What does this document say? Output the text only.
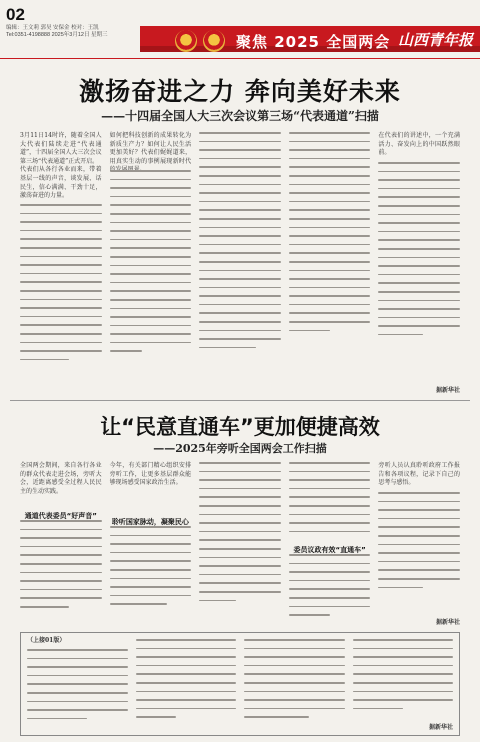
02
编辑：王文莉 郭昊 安保金 校对：王凯
Tel:0351-4198888 2025年3月12日 星期三	聚焦 2025 全国两会 山西青年报
激扬奋进之力 奔向美好未来
——十四届全国人大三次会议第三场“代表通道”扫描

3月11日14时许，随着全国人大代表们陆续走进“代表通道”，十四届全国人大三次会议第三场“代表通道”正式开启。

代表们从各行各业而来，带着基层一线的声音，谈发展、话民生，信心满满、干劲十足，激荡奋进的力量。

如何把科技创新的成果转化为新质生产力？如何让人民生活更加美好？代表们娓娓道来，用真实生动的事例展现新时代

在代表们的讲述中，一个充满活力、奋发向上的中国跃然眼前。

据新华社
让“民意直通车”更加便捷高效
——2025年旁听全国两会工作扫描

全国两会期间，来自各行各业的群众代表走进会场，旁听大会，近距离感受全过程人民民主的生动实践。

通道代表委员“好声音”

今年，有关部门精心组织安排旁听工作，让更多基层群众能够现场感受国家政治生活。

聆听国家脉动，凝聚民心
委员议政有效“直通车”

旁听人员认真聆听政府工作报告和各项议程，记录下自己的思考与感悟。

据新华社
（上接01版）
据新华社
